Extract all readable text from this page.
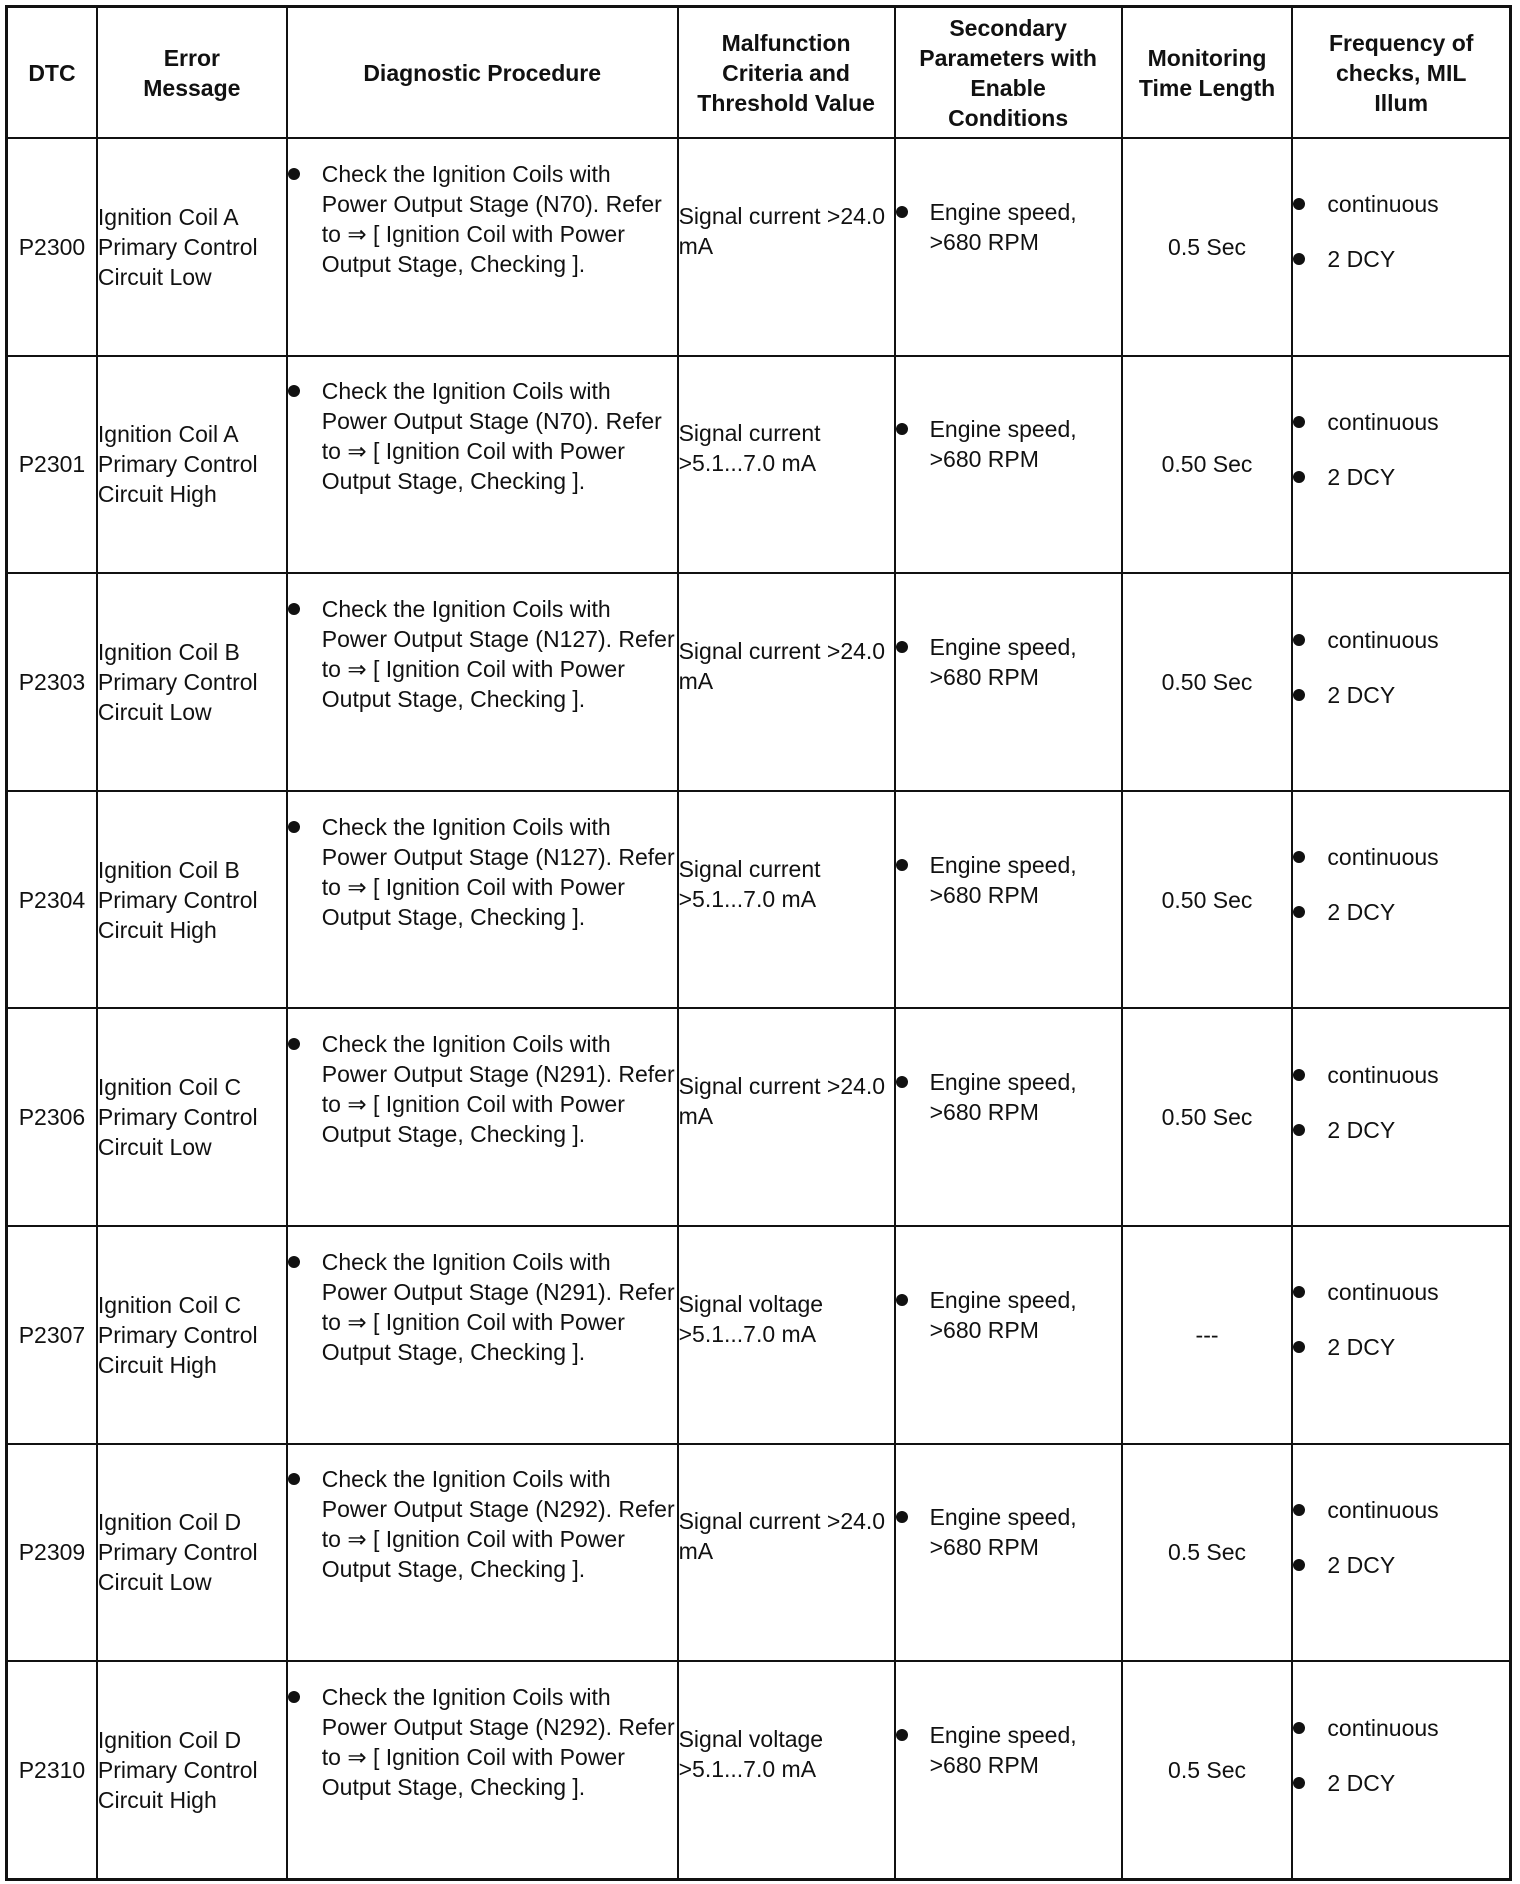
DTC	Error Message	Diagnostic Procedure	Malfunction Criteria and Threshold Value	Secondary Parameters with Enable Conditions	Monitoring Time Length	Frequency of checks, MIL Illum
P2300	Ignition Coil A Primary Control Circuit Low	Check the Ignition Coils with Power Output Stage (N70). Refer to ⇒ [ Ignition Coil with Power Output Stage, Checking ].	Signal current >24.0 mA	Engine speed, >680 RPM	0.5 Sec	continuous
2 DCY

P2301	Ignition Coil A Primary Control Circuit High	Check the Ignition Coils with Power Output Stage (N70). Refer to ⇒ [ Ignition Coil with Power Output Stage, Checking ].	Signal current >5.1...7.0 mA	Engine speed, >680 RPM	0.50 Sec	continuous
2 DCY

P2303	Ignition Coil B Primary Control Circuit Low	Check the Ignition Coils with Power Output Stage (N127). Refer to ⇒ [ Ignition Coil with Power Output Stage, Checking ].	Signal current >24.0 mA	Engine speed, >680 RPM	0.50 Sec	continuous
2 DCY

P2304	Ignition Coil B Primary Control Circuit High	Check the Ignition Coils with Power Output Stage (N127). Refer to ⇒ [ Ignition Coil with Power Output Stage, Checking ].	Signal current >5.1...7.0 mA	Engine speed, >680 RPM	0.50 Sec	continuous
2 DCY

P2306	Ignition Coil C Primary Control Circuit Low	Check the Ignition Coils with Power Output Stage (N291). Refer to ⇒ [ Ignition Coil with Power Output Stage, Checking ].	Signal current >24.0 mA	Engine speed, >680 RPM	0.50 Sec	continuous
2 DCY

P2307	Ignition Coil C Primary Control Circuit High	Check the Ignition Coils with Power Output Stage (N291). Refer to ⇒ [ Ignition Coil with Power Output Stage, Checking ].	Signal voltage >5.1...7.0 mA	Engine speed, >680 RPM	---	continuous
2 DCY

P2309	Ignition Coil D Primary Control Circuit Low	Check the Ignition Coils with Power Output Stage (N292). Refer to ⇒ [ Ignition Coil with Power Output Stage, Checking ].	Signal current >24.0 mA	Engine speed, >680 RPM	0.5 Sec	continuous
2 DCY

P2310	Ignition Coil D Primary Control Circuit High	Check the Ignition Coils with Power Output Stage (N292). Refer to ⇒ [ Ignition Coil with Power Output Stage, Checking ].	Signal voltage >5.1...7.0 mA	Engine speed, >680 RPM	0.5 Sec	continuous
2 DCY
